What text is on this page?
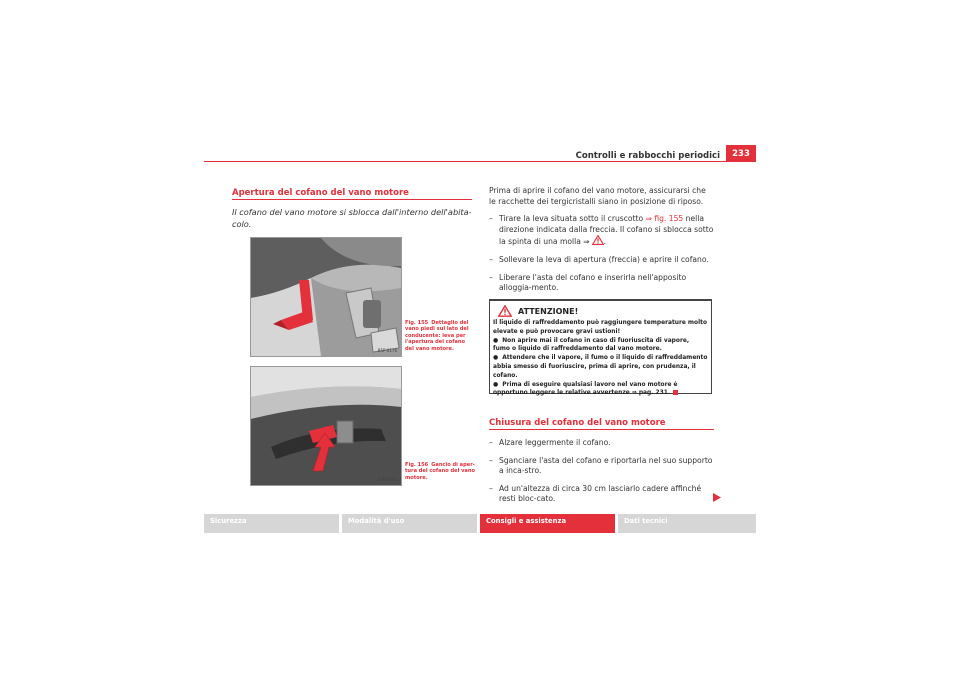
Controlli e rabbocchi periodici	233
Apertura del cofano del vano motore
Il cofano del vano motore si sblocca dall'interno dell'abita-colo.
B5P-0176
Fig. 155 Dettaglio del vano piedi sul lato del conducente: leva per l'apertura del cofano del vano motore.
B5P-0006
Fig. 156 Gancio di aper-tura del cofano del vano motore.

Prima di aprire il cofano del vano motore, assicurarsi che le racchette dei tergicristalli siano in posizione di riposo.

– Tirare la leva situata sotto il cruscotto ⇒ fig. 155 nella direzione indicata dalla freccia. Il cofano si sblocca sotto la spinta di una molla ⇒ .

– Sollevare la leva di apertura (freccia) e aprire il cofano.

– Liberare l'asta del cofano e inserirla nell'apposito alloggia-mento.

ATTENZIONE!

Il liquido di raffreddamento può raggiungere temperature molto elevate e può provocare gravi ustioni!

●  Non aprire mai il cofano in caso di fuoriuscita di vapore, fumo o liquido di raffreddamento dal vano motore.

●  Attendere che il vapore, il fumo o il liquido di raffreddamento abbia smesso di fuoriuscire, prima di aprire, con prudenza, il cofano.

●  Prima di eseguire qualsiasi lavoro nel vano motore è opportuno leggere le relative avvertenze ⇒ pag. 231.

Chiusura del cofano del vano motore

– Alzare leggermente il cofano.

– Sganciare l'asta del cofano e riportarla nel suo supporto a inca-stro.

– Ad un'altezza di circa 30 cm lasciarlo cadere affinché resti bloc-cato.

Sicurezza	Modalità d'uso	Consigli e assistenza	Dati tecnici
